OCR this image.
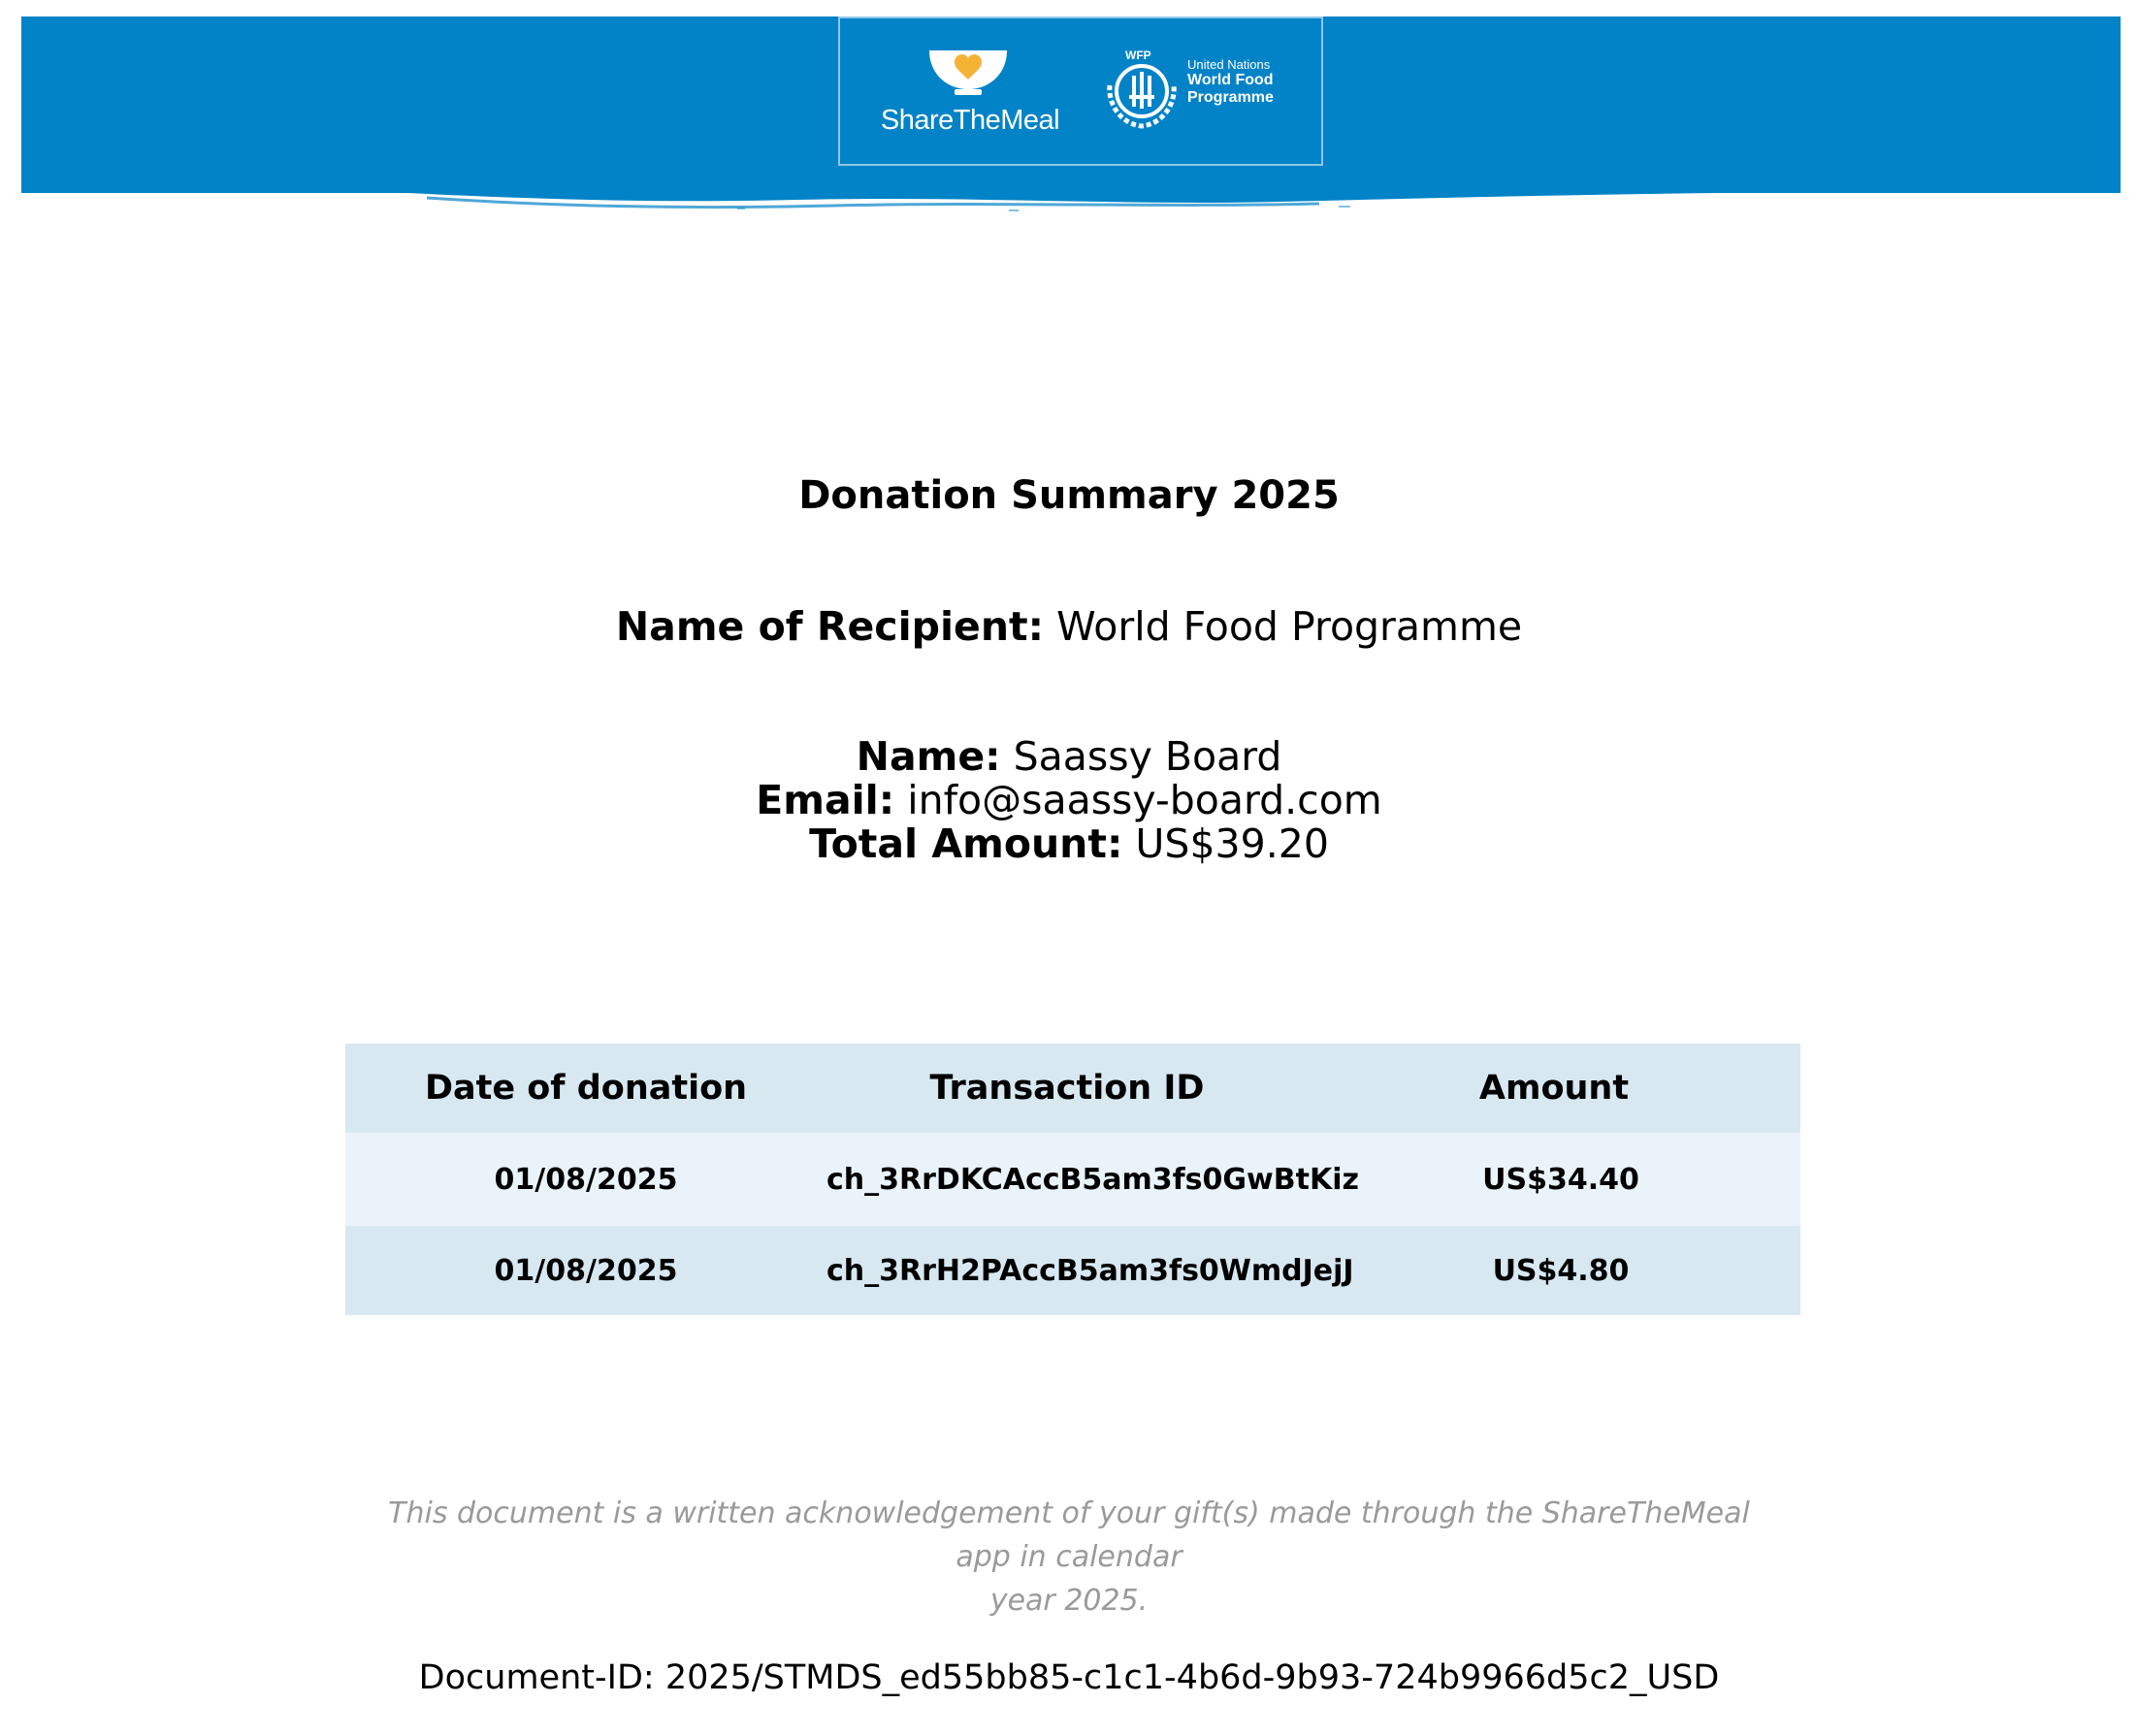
ShareTheMeal
WFP
United Nations
World Food
Programme
Donation Summary 2025
Name of Recipient: World Food Programme
Name: Saassy Board
Email: info@saassy-board.com
Total Amount: US$39.20
Date of donation	Transaction ID	Amount
01/08/2025	ch_3RrDKCAccB5am3fs0GwBtKiz	US$34.40
01/08/2025	ch_3RrH2PAccB5am3fs0WmdJejJ	US$4.80
This document is a written acknowledgement of your gift(s) made through the ShareTheMeal app in calendar
year 2025.
Document-ID: 2025/STMDS_ed55bb85-c1c1-4b6d-9b93-724b9966d5c2_USD
